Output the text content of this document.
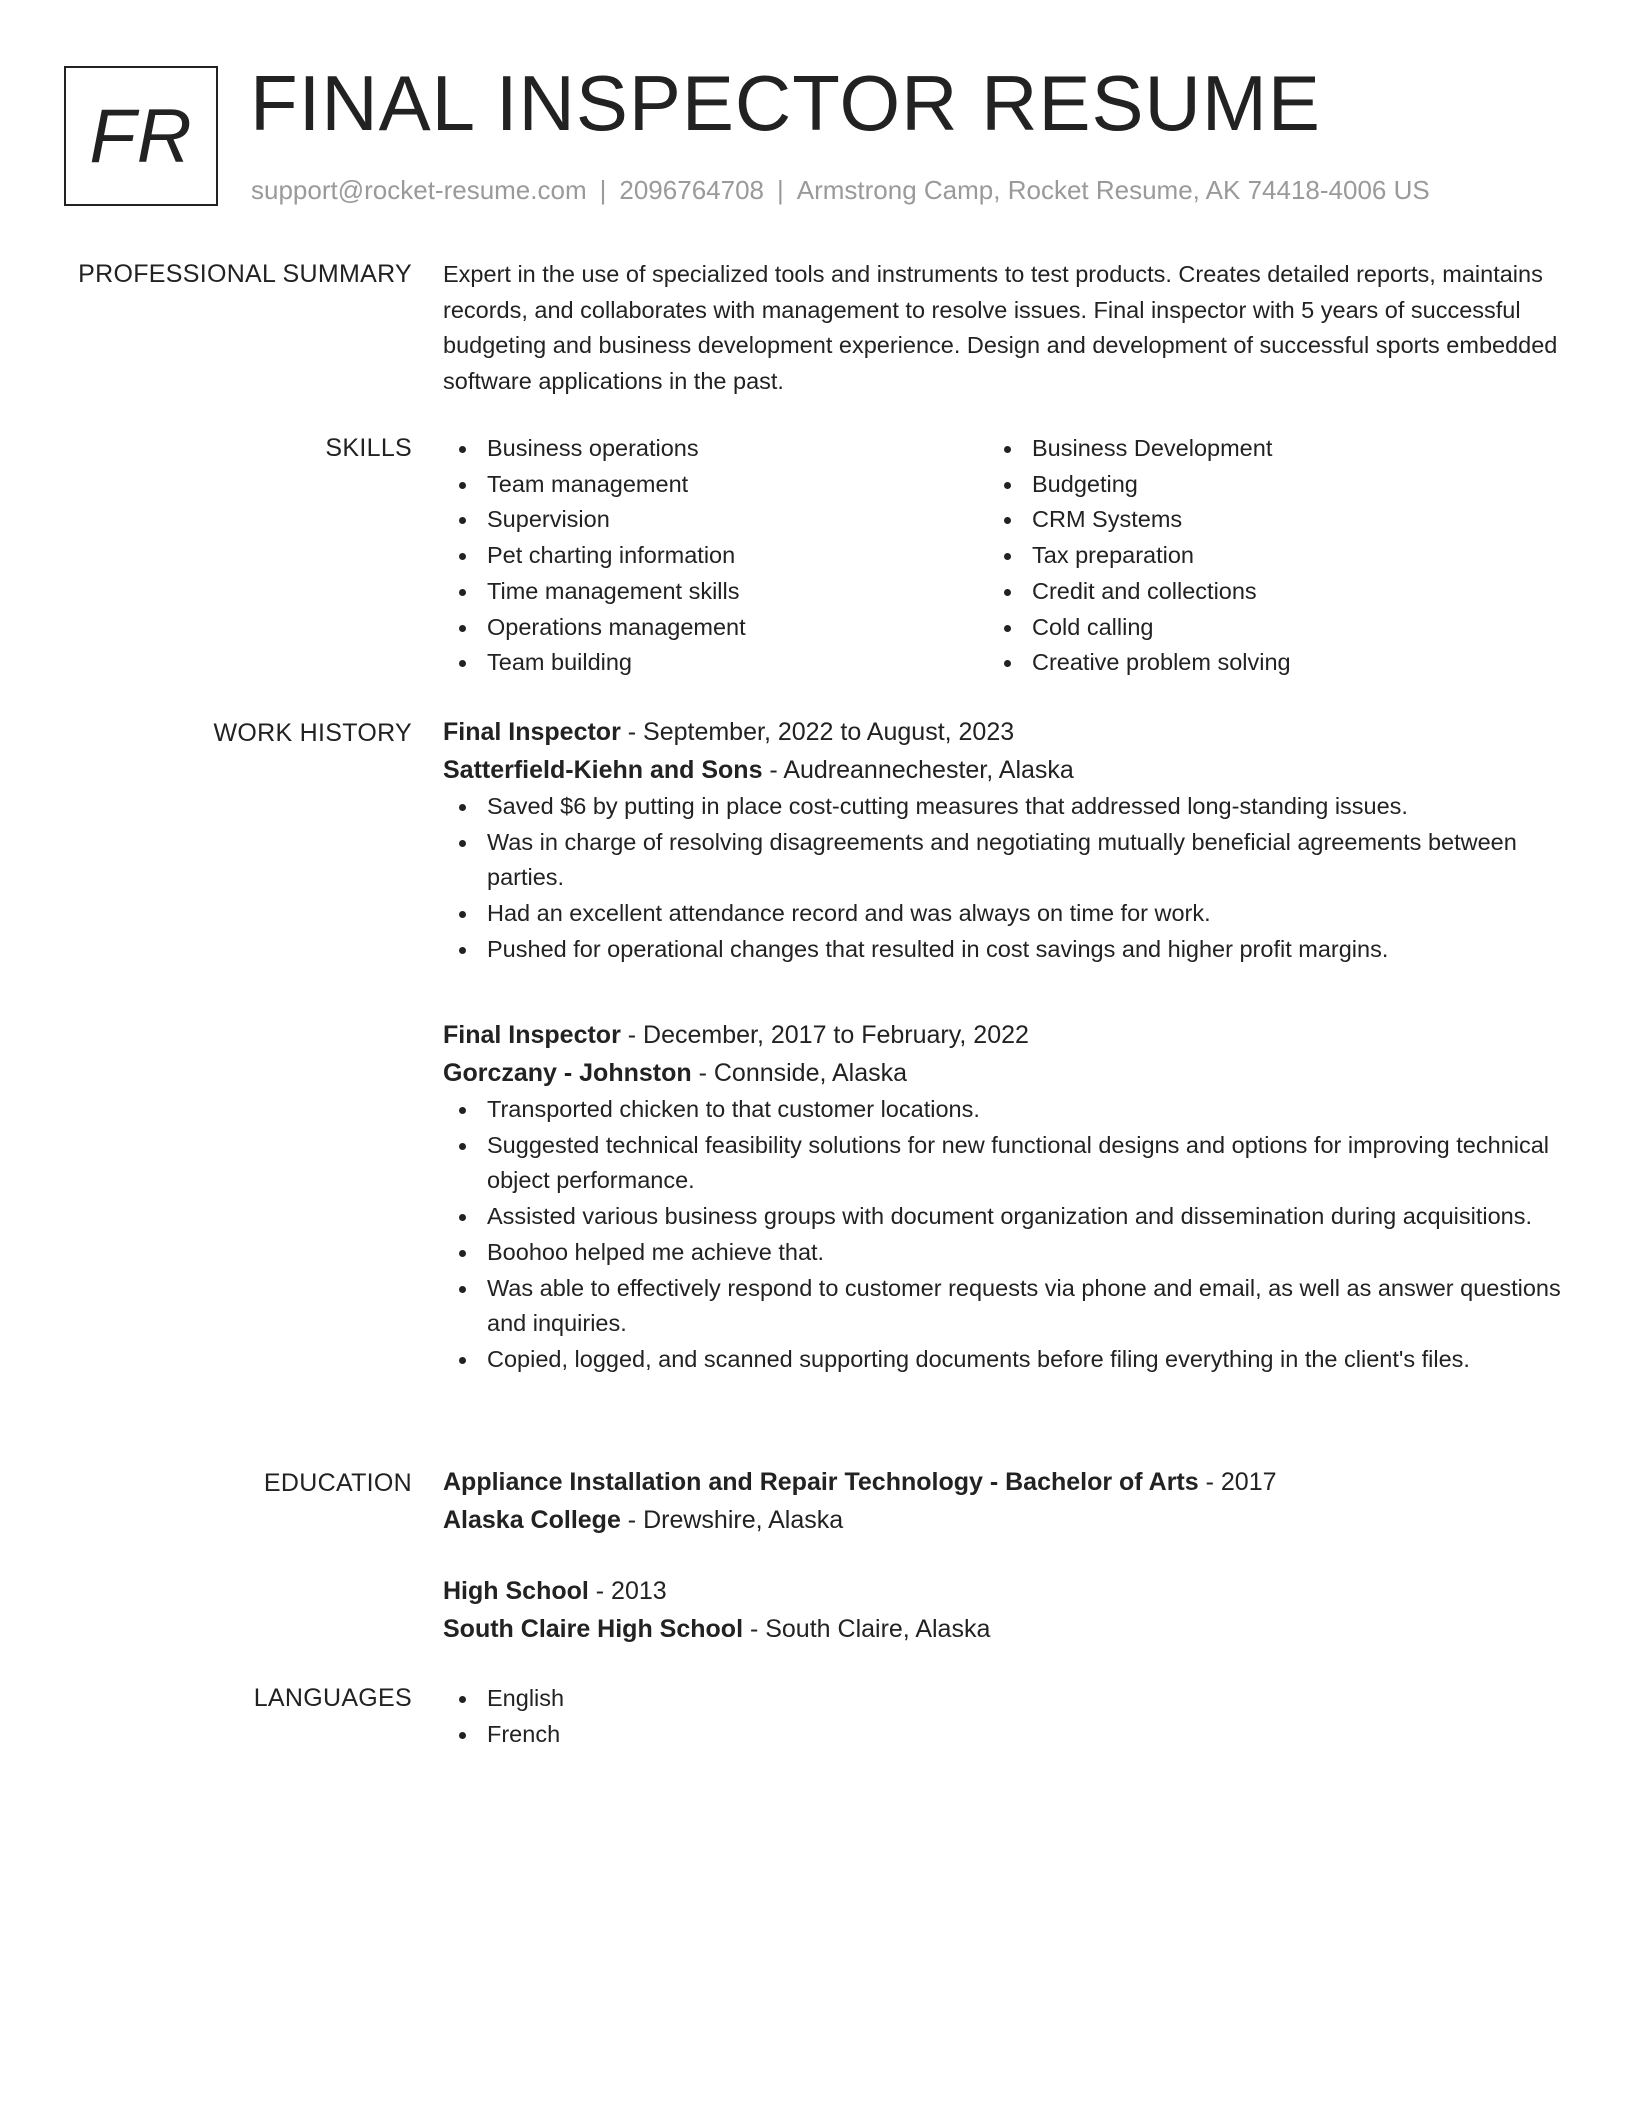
FR FINAL INSPECTOR RESUME
support@rocket-resume.com | 2096764708 | Armstrong Camp, Rocket Resume, AK 74418-4006 US
PROFESSIONAL SUMMARY Expert in the use of specialized tools and instruments to test products. Creates detailed reports, maintains records, and collaborates with management to resolve issues. Final inspector with 5 years of successful budgeting and business development experience. Design and development of successful sports embedded software applications in the past.

SKILLS	Business operations
Team management
Supervision
Pet charting information
Time management skills
Operations management
Team building
Business Development
Budgeting
CRM Systems
Tax preparation
Credit and collections
Cold calling
Creative problem solving
WORK HISTORY Final Inspector - September, 2022 to August, 2023
Satterfield-Kiehn and Sons - Audreannechester, Alaska
Saved $6 by putting in place cost-cutting measures that addressed long-standing issues.
Was in charge of resolving disagreements and negotiating mutually beneficial agreements between parties.
Had an excellent attendance record and was always on time for work.
Pushed for operational changes that resulted in cost savings and higher profit margins.
Final Inspector - December, 2017 to February, 2022
Gorczany - Johnston - Connside, Alaska
Transported chicken to that customer locations.
Suggested technical feasibility solutions for new functional designs and options for improving technical object performance.
Assisted various business groups with document organization and dissemination during acquisitions.
Boohoo helped me achieve that.
Was able to effectively respond to customer requests via phone and email, as well as answer questions and inquiries.
Copied, logged, and scanned supporting documents before filing everything in the client's files.
EDUCATION Appliance Installation and Repair Technology - Bachelor of Arts - 2017
Alaska College - Drewshire, Alaska
High School - 2013
South Claire High School - South Claire, Alaska
LANGUAGES	English
French
